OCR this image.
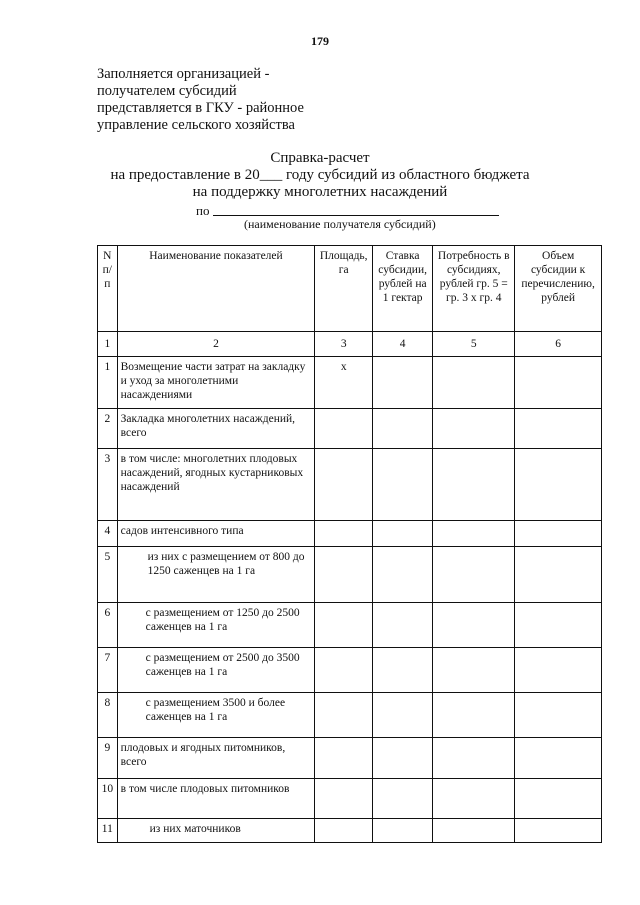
179
Заполняется организацией -
получателем субсидий
представляется в ГКУ - районное
управление сельского хозяйства
Справка-расчет
на предоставление в 20___ году субсидий из областного бюджета
на поддержку многолетних насаждений
по
(наименование получателя субсидий)
N п/п	Наименование показателей	Площадь, га	Ставка субсидии, рублей на 1 гектар	Потребность в субсидиях, рублей гр. 5 = гр. 3 х гр. 4	Объем субсидии к перечислению, рублей
1	2	3	4	5	6
1	Возмещение части затрат на закладку и уход за многолетними насаждениями	х			
2	Закладка многолетних насаждений, всего				
3	в том числе: многолетних плодовых насаждений, ягодных кустарниковых насаждений				
4	садов интенсивного типа				
5	из них с размещением от 800 до 1250 саженцев на 1 га				
6	с размещением от 1250 до 2500 саженцев на 1 га				
7	с размещением от 2500 до 3500 саженцев на 1 га				
8	с размещением 3500 и более саженцев на 1 га				
9	плодовых и ягодных питомников, всего				
10	в том числе плодовых питомников				
11	из них маточников				
